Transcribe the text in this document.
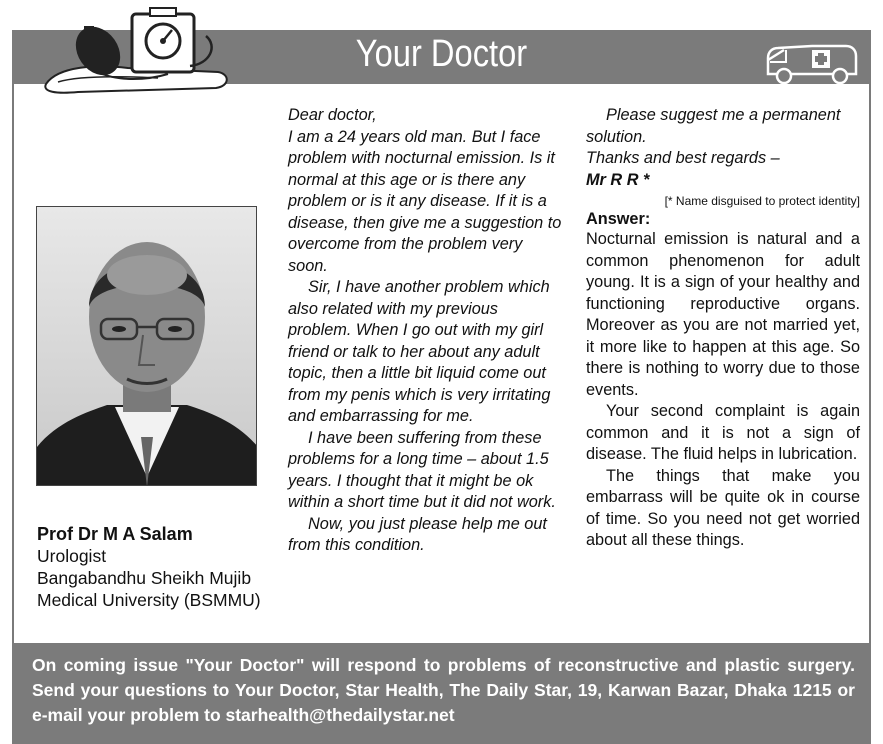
Your Doctor
Prof Dr M A Salam
Urologist
Bangabandhu Sheikh Mujib
Medical University (BSMMU)

Dear doctor,

I am a 24 years old man. But I face problem with nocturnal emission. Is it normal at this age or is there any problem or is it any disease. If it is a disease, then give me a suggestion to overcome from the problem very soon.

Sir, I have another problem which also related with my previous problem. When I go out with my girl friend or talk to her about any adult topic, then a little bit liquid come out from my penis which is very irritating and embarrassing for me.

I have been suffering from these problems for a long time – about 1.5 years. I thought that it might be ok within a short time but it did not work.

Now, you just please help me out from this condition.

Please suggest me a permanent solution.

Thanks and best regards –

Mr R R *

[* Name disguised to protect identity]

Answer:

Nocturnal emission is natural and a common phenomenon for adult young. It is a sign of your healthy and functioning reproductive organs. Moreover as you are not married yet, it more like to happen at this age. So there is nothing to worry due to those events.

Your second complaint is again common and it is not a sign of disease. The fluid helps in lubrication.

The things that make you embarrass will be quite ok in course of time. So you need not get worried about all these things.

On coming issue "Your Doctor" will respond to problems of reconstructive and plastic surgery. Send your questions to Your Doctor, Star Health, The Daily Star, 19, Karwan Bazar, Dhaka 1215 or e-mail your problem to starhealth@thedailystar.net
